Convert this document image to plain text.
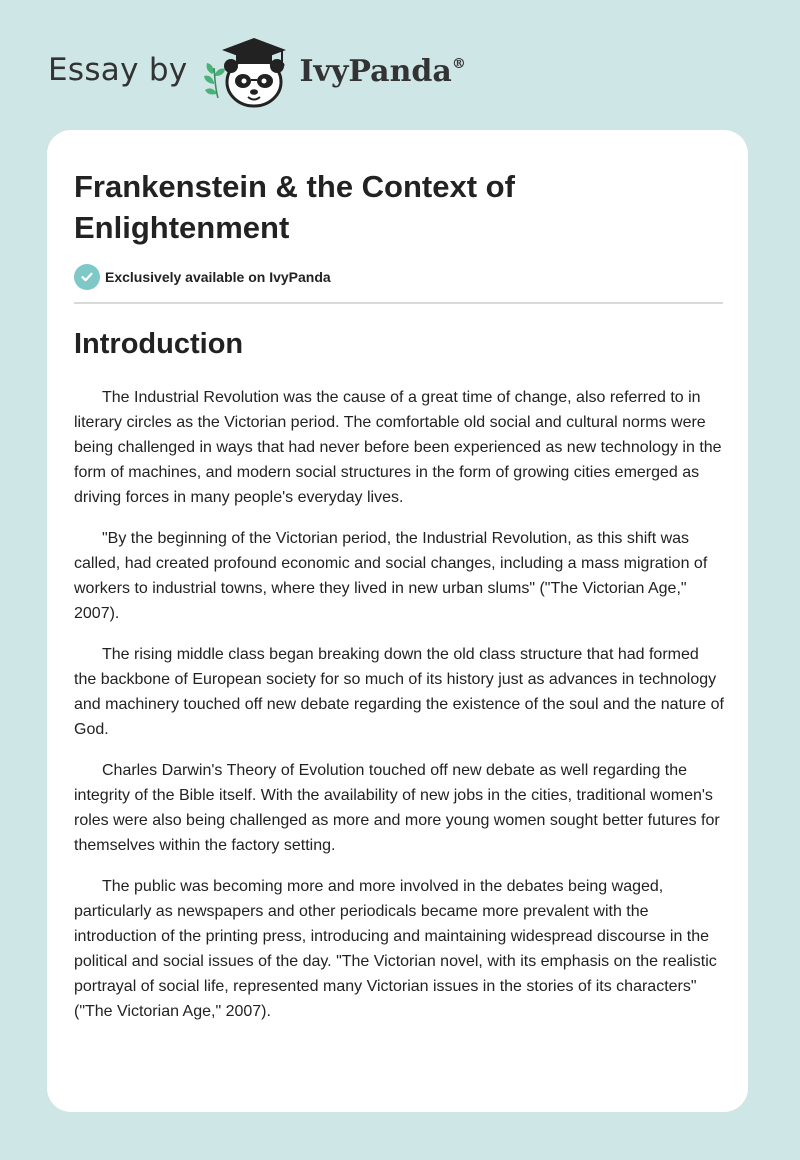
Essay by	IvyPanda®
Frankenstein & the Context of Enlightenment
Exclusively available on IvyPanda
Introduction

The Industrial Revolution was the cause of a great time of change, also referred to in literary circles as the Victorian period. The comfortable old social and cultural norms were being challenged in ways that had never before been experienced as new technology in the form of machines, and modern social structures in the form of growing cities emerged as driving forces in many people's everyday lives.

"By the beginning of the Victorian period, the Industrial Revolution, as this shift was called, had created profound economic and social changes, including a mass migration of workers to industrial towns, where they lived in new urban slums" ("The Victorian Age," 2007).

The rising middle class began breaking down the old class structure that had formed the backbone of European society for so much of its history just as advances in technology and machinery touched off new debate regarding the existence of the soul and the nature of God.

Charles Darwin's Theory of Evolution touched off new debate as well regarding the integrity of the Bible itself. With the availability of new jobs in the cities, traditional women's roles were also being challenged as more and more young women sought better futures for themselves within the factory setting.

The public was becoming more and more involved in the debates being waged, particularly as newspapers and other periodicals became more prevalent with the introduction of the printing press, introducing and maintaining widespread discourse in the political and social issues of the day. "The Victorian novel, with its emphasis on the realistic portrayal of social life, represented many Victorian issues in the stories of its characters" ("The Victorian Age," 2007).
